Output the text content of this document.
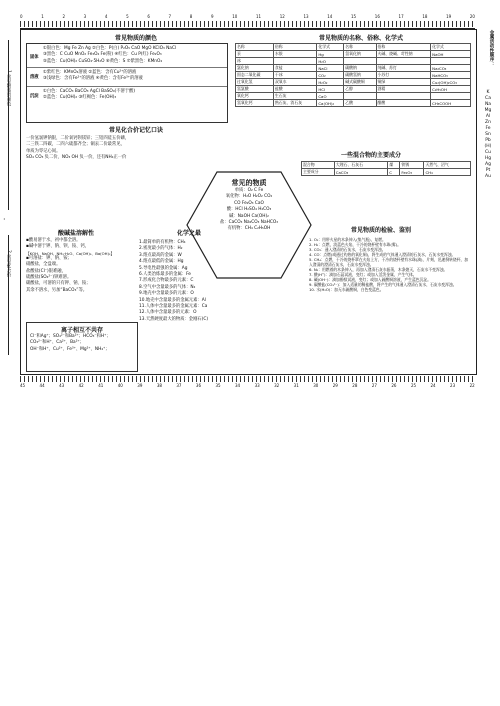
·
0	1	2	3	4	5	6	7	8	9	10	11	12	13	14	15	16	17	18	19	20
常见物质的颜色
固体
①银白色：Mg Fe Zn Ag ②白色：P(白) P₂O₅ CaO MgO KClO₃ NaCl
③黑色：C CuO MnO₂ Fe₃O₄ Fe(粉) ④红色：Cu P(红) Fe₂O₃
⑤蓝色：Cu(OH)₂ CuSO₄·5H₂O ⑥黄色：S ⑦紫黑色：KMnO₄
溶液
①紫红色：KMnO₄溶液 ②蓝色：含有Cu²⁺的溶液
③浅绿色：含有Fe²⁺的溶液 ④黄色：含有Fe³⁺的溶液
沉淀
①白色：CaCO₃ BaCO₃ AgCl BaSO₄(不溶于酸)
②蓝色：Cu(OH)₂ ③红褐色：Fe(OH)₃
常见化合价记忆口诀
一价氢氯钾钠银，二价氧钙钡镁锌；三铝四硅五价磷，
二三铁二四碳，二四六硫都齐全；铜汞二价最常见，
单质为零记心间。
SO₄ CO₃ 负二价，NO₃ OH 负一价，还有NH₄正一价
酸碱盐溶解性
▪酸易溶于水，初中都全溶。
▪碱中溶于钾、钠、钡、铵、钙，
【KOH、NaOH、NH₃·H₂O、Ca(OH)₂、Ba(OH)₂】
▪可溶盐：钾、钠、铵；
硝酸盐，全盘端。
盐酸盐(Cl⁻)银难融，
硫酸盐(SO₄²⁻)钡难溶。
碳酸盐，可溶的只有钾、钠、铵；
其余不溶水，另加“BaCO₃”等。
离子相互不共存
Cl⁻和Ag⁺；SO₄²⁻和Ba²⁺；HCO₃⁻和H⁺；
CO₃²⁻和H⁺、Ca²⁺、Ba²⁺；
OH⁻和H⁺、Cu²⁺、Fe³⁺、Mg²⁺、NH₄⁺；
常见的物质
单质：O₂ C Fe
氧化物：H₂O H₂O₂ CO₂
CO Fe₂O₃ CaO
酸：HCl H₂SO₄ H₂CO₃
碱：NaOH Ca(OH)₂
盐：CaCO₃ Na₂CO₃ NaHCO₃
有机物：CH₄ C₂H₅OH
化学之最
1.最简单的有机物：CH₄
2.密度最小的气体：H₂
3.熔点最高的金属：W
4.熔点最低的金属：Hg
5.导电性最强的金属：Ag
6.人类冶炼最多的金属：Fe
7.形成化合物最多的元素：C
8.空气中含量最多的气体：N₂
9.地壳中含量最多的元素：O
10.地壳中含量最多的金属元素：Al
11.人体中含量最多的金属元素：Ca
12.人体中含量最多的元素：O
13.天然硬度最大的物质：金刚石(C)
常见物质的名称、俗称、化学式
名称	俗称	化学式	名称	俗称	化学式
汞	水银	Hg	氢氧化钠	火碱、烧碱、苛性钠	NaOH
冰		H₂O			
氯化钠	食盐	NaCl	碳酸钠	纯碱、苏打	Na₂CO₃
固态二氧化碳	干冰	CO₂	碳酸氢钠	小苏打	NaHCO₃
过氧化氢	双氧水	H₂O₂	碱式碳酸铜	铜绿	Cu₂(OH)₂CO₃
氢氯酸	盐酸	HCl	乙醇	酒精	C₂H₅OH
氧化钙	生石灰	CaO			
氢氧化钙	熟石灰、消石灰	Ca(OH)₂	乙酸	醋酸	CH₃COOH
一些混合物的主要成分
混合物	大理石、石灰石	煤	铁锈	天然气、沼气
主要成分	CaCO₃	C	Fe₂O₃	CH₄
常见物质的检验、鉴别
1. O₂：用带火星的木条伸入(集气瓶)，复燃。
2. H₂：点燃，淡蓝色火焰，干冷的烧杯壁有水珠(雾)。
3. CO₂：通入澄清的石灰水，石灰水变浑浊。
4. CO：点燃(或通过灼热的氧化铜)，将生成的气体通入澄清的石灰水，石灰水变浑浊。
5. CH₄：点燃，干冷的烧杯罩在火焰上方，干冷的烧杯壁有水珠(滴)，片刻，迅速倒转烧杯，加入澄清的澄清石灰水，石灰水变浑浊。
6. N₂：用燃着的木条伸入，再加入澄清石灰水振荡，木条熄灭，石灰水不变浑浊。
7. 酸(H⁺)：滴加石蕊试液，变红；或加入活泼金属，产生气体。
8. 碱(OH⁻)：滴加酚酞试液，变红；或加入硫酸铜溶液，产生蓝色沉淀。
9. 碳酸盐(CO₃²⁻)：加入适量的稀盐酸，将产生的气体通入澄清石灰水，石灰水变浑浊。
10. 水(H₂O)：加无水硫酸铜，白色变蓝色。
金属活动性顺序：
K
Ca
Na
Mg
Al
Zn
Fe
Sn
Pb
(H)
Cu
Hg
Ag
Pt
Au
45	44	43	42	41	40	39	38	37	36	35	34	33	32	31	30	29	28	27	26	25	24	23	22
